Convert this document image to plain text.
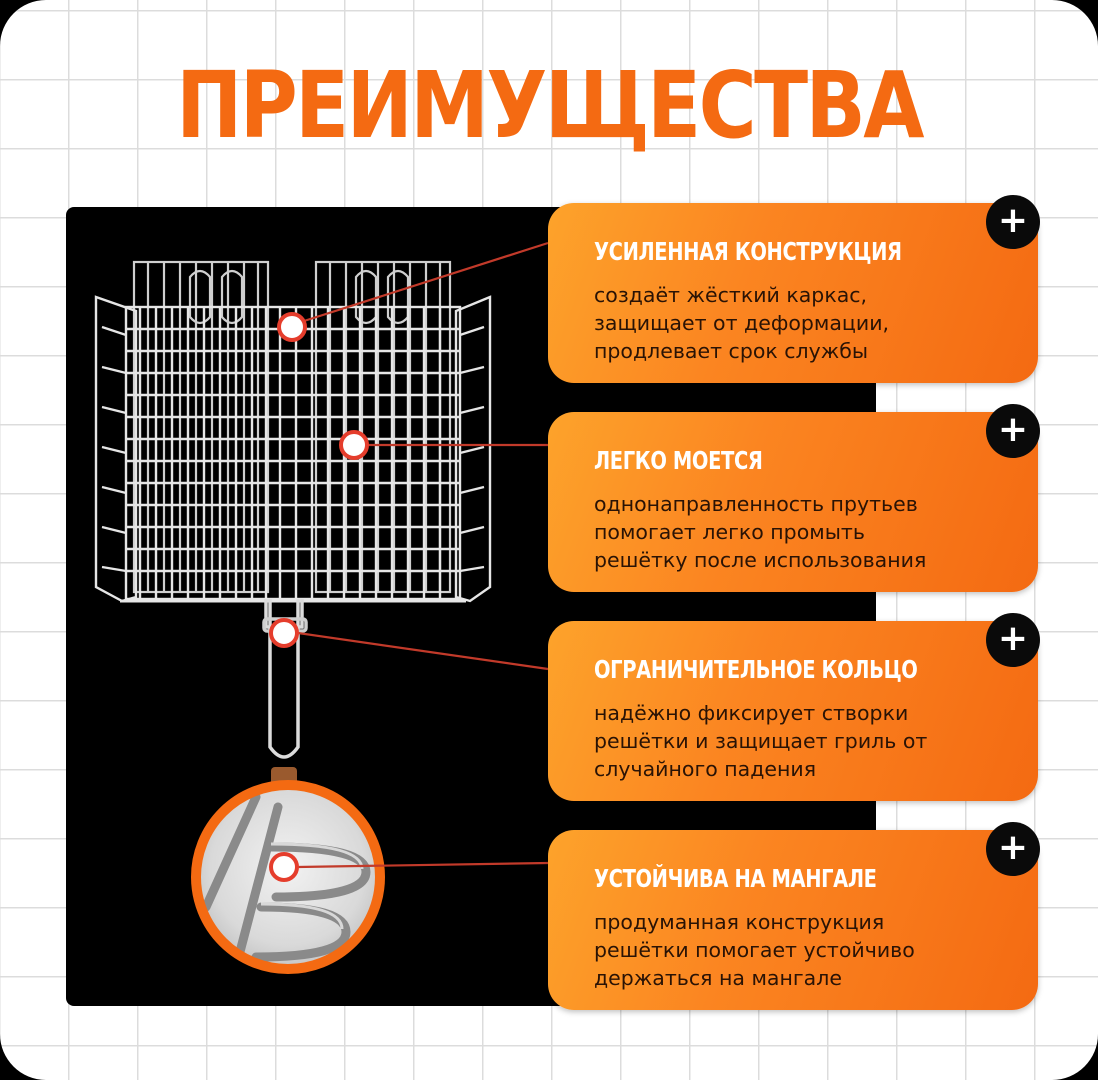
ПРЕИМУЩЕСТВА
УСИЛЕННАЯ КОНСТРУКЦИЯ
создаёт жёсткий каркас,
защищает от деформации,
продлевает срок службы
+
ЛЕГКО МОЕТСЯ
однонаправленность прутьев
помогает легко промыть
решётку после использования
+
ОГРАНИЧИТЕЛЬНОЕ КОЛЬЦО
надёжно фиксирует створки
решётки и защищает гриль от
случайного падения
+
УСТОЙЧИВА НА МАНГАЛЕ
продуманная конструкция
решётки помогает устойчиво
держаться на мангале
+
